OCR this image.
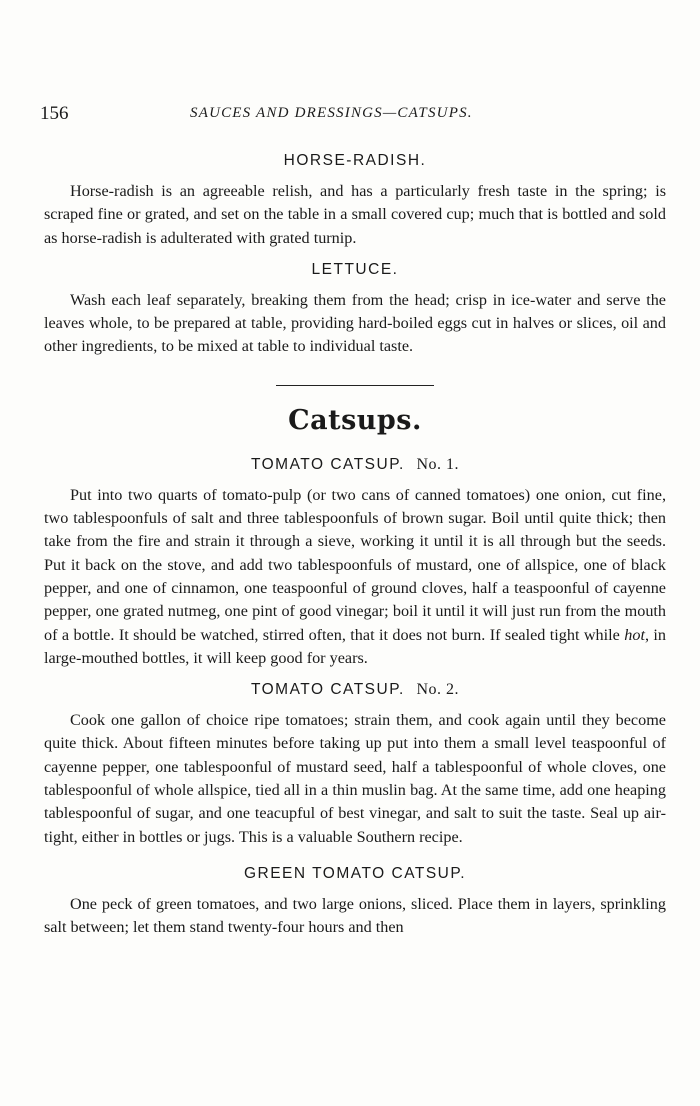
156	SAUCES AND DRESSINGS—CATSUPS.
HORSE-RADISH.

Horse-radish is an agreeable relish, and has a particularly fresh taste in the spring; is scraped fine or grated, and set on the table in a small covered cup; much that is bottled and sold as horse-radish is adulterated with grated turnip.

LETTUCE.

Wash each leaf separately, breaking them from the head; crisp in ice-water and serve the leaves whole, to be prepared at table, providing hard-boiled eggs cut in halves or slices, oil and other ingredients, to be mixed at table to individual taste.

Catsups.
TOMATO CATSUP. No. 1.

Put into two quarts of tomato-pulp (or two cans of canned tomatoes) one onion, cut fine, two tablespoonfuls of salt and three tablespoonfuls of brown sugar. Boil until quite thick; then take from the fire and strain it through a sieve, working it until it is all through but the seeds. Put it back on the stove, and add two tablespoonfuls of mustard, one of allspice, one of black pepper, and one of cinnamon, one teaspoonful of ground cloves, half a teaspoonful of cayenne pepper, one grated nutmeg, one pint of good vinegar; boil it until it will just run from the mouth of a bottle. It should be watched, stirred often, that it does not burn. If sealed tight while hot, in large-mouthed bottles, it will keep good for years.

TOMATO CATSUP. No. 2.

Cook one gallon of choice ripe tomatoes; strain them, and cook again until they become quite thick. About fifteen minutes before taking up put into them a small level teaspoonful of cayenne pepper, one tablespoonful of mustard seed, half a tablespoonful of whole cloves, one tablespoonful of whole allspice, tied all in a thin muslin bag. At the same time, add one heaping tablespoonful of sugar, and one teacupful of best vinegar, and salt to suit the taste. Seal up air-tight, either in bottles or jugs. This is a valuable Southern recipe.

GREEN TOMATO CATSUP.

One peck of green tomatoes, and two large onions, sliced. Place them in layers, sprinkling salt between; let them stand twenty-four hours and then
